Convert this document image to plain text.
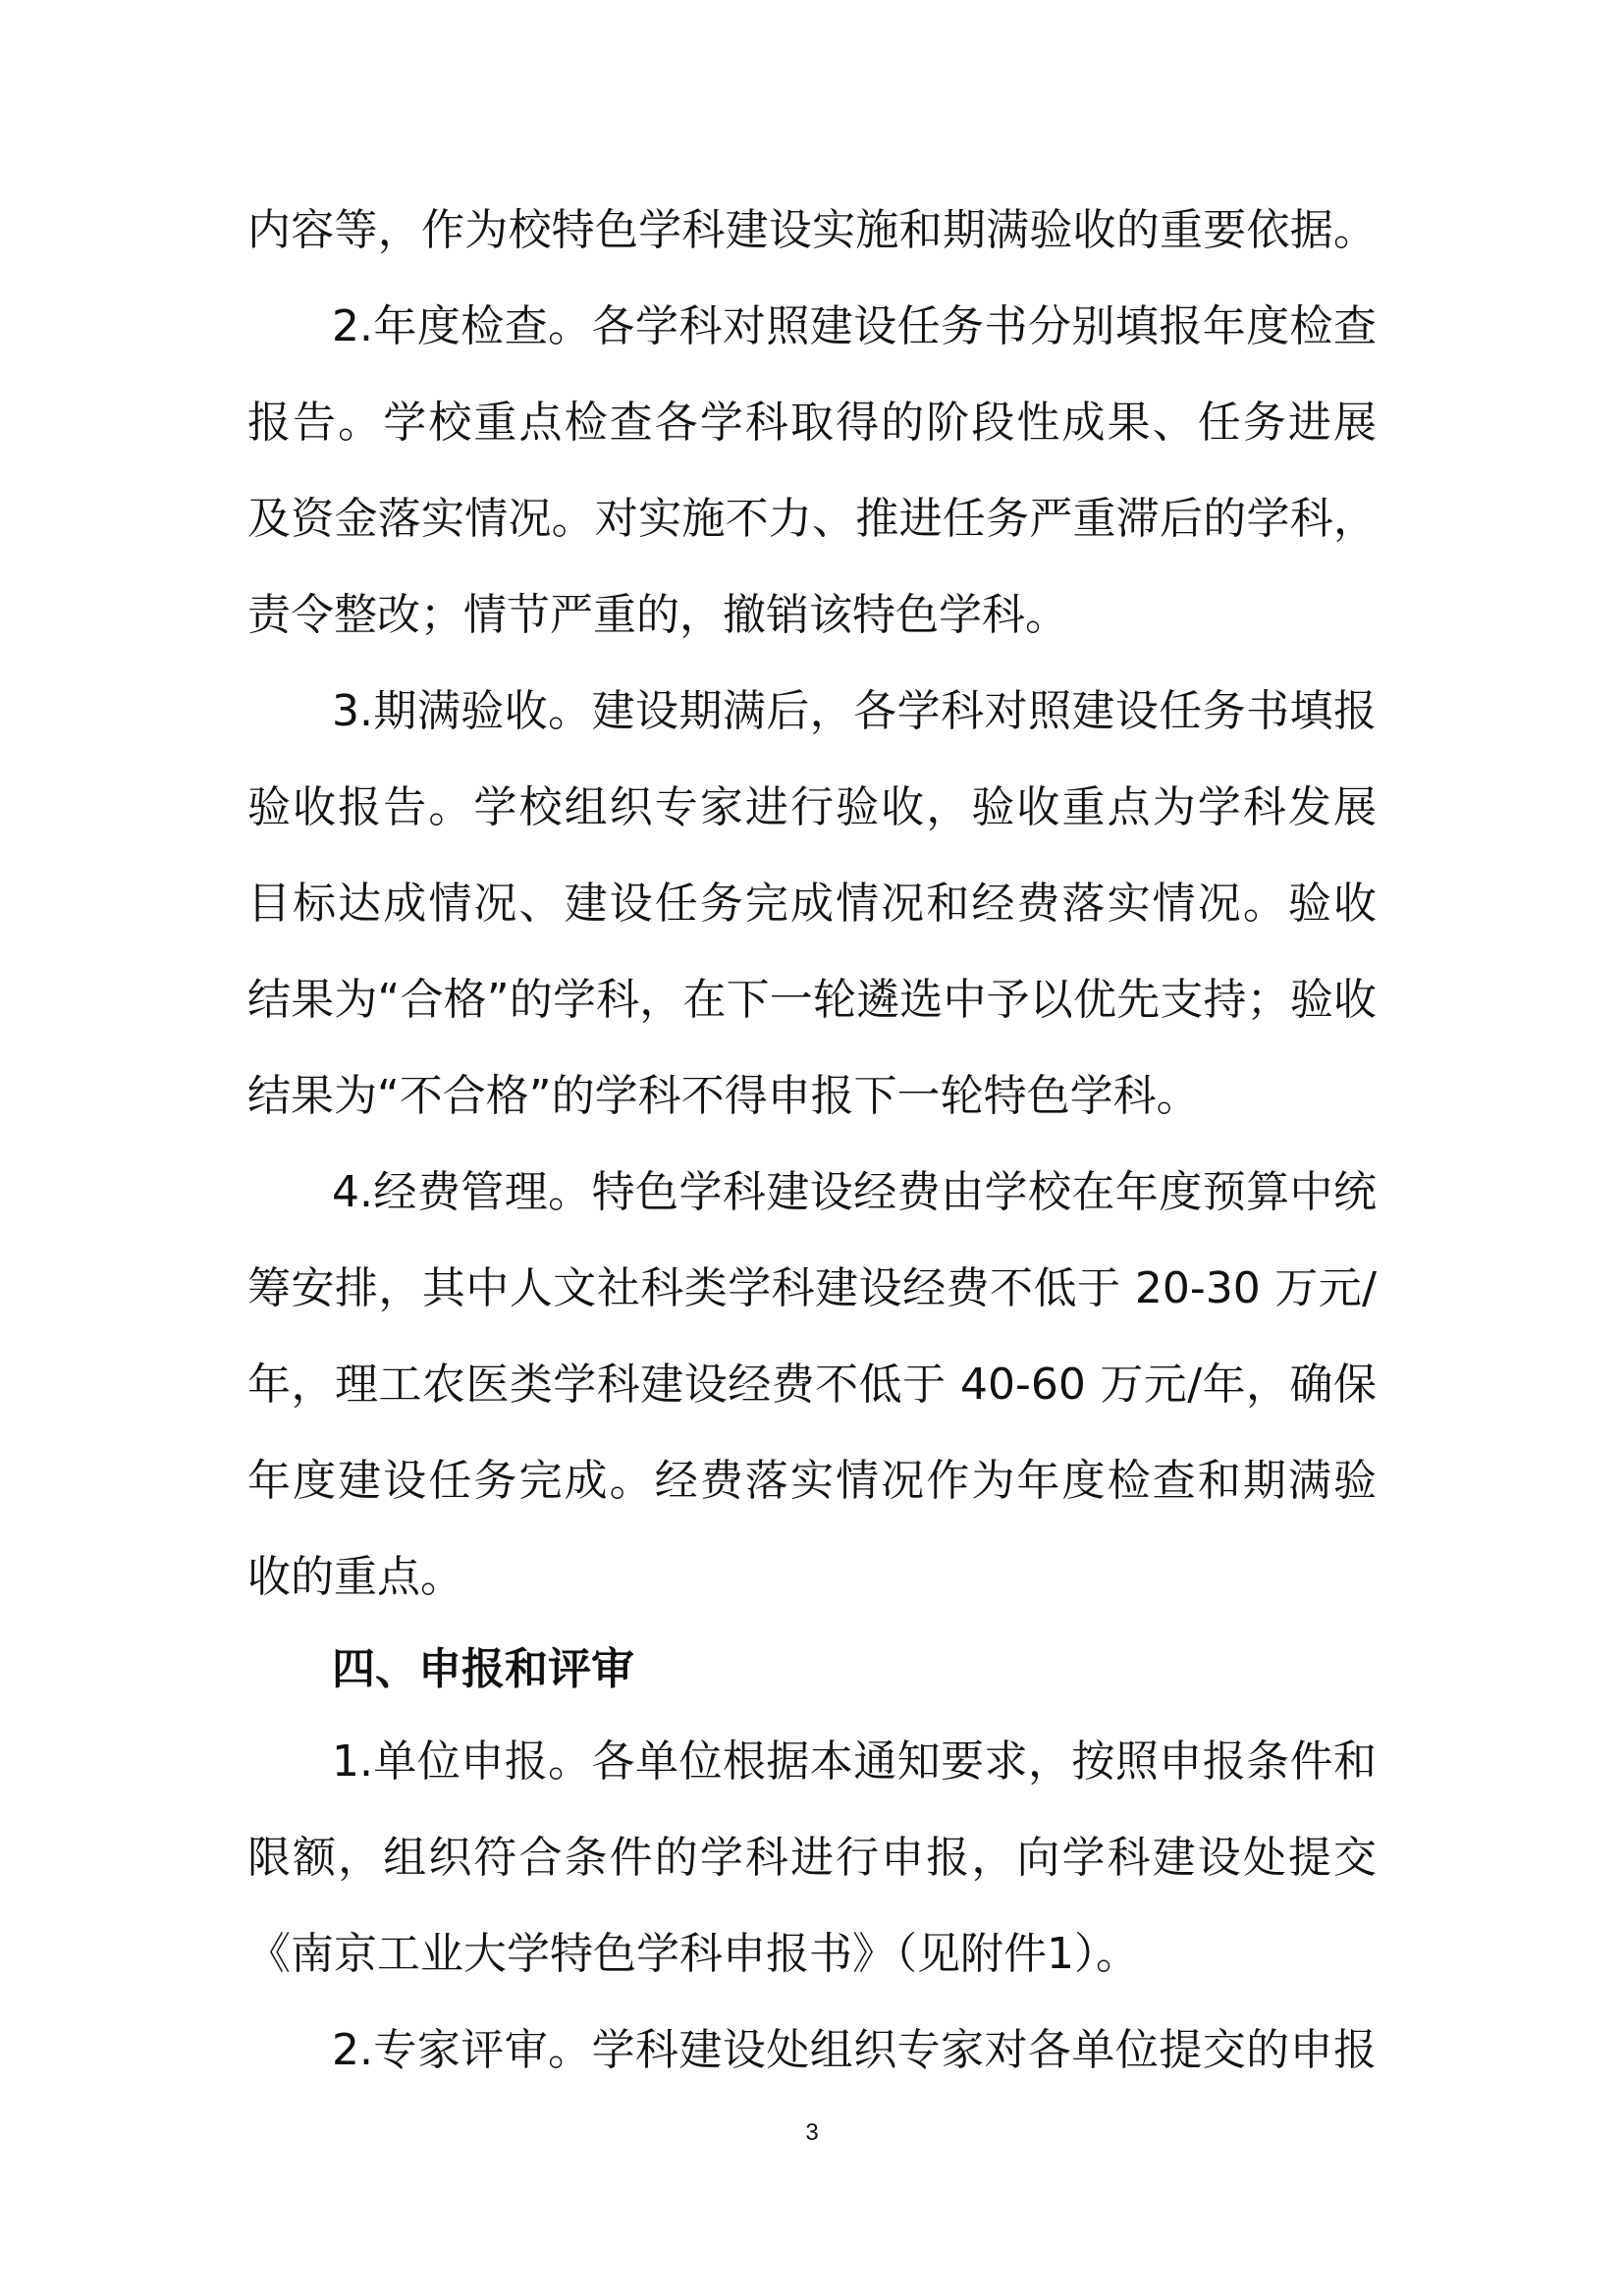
内容等，作为校特色学科建设实施和期满验收的重要依据。
2.年度检查。各学科对照建设任务书分别填报年度检查
报告。学校重点检查各学科取得的阶段性成果、任务进展
及资金落实情况。对实施不力、推进任务严重滞后的学科，
责令整改；情节严重的，撤销该特色学科。
3.期满验收。建设期满后，各学科对照建设任务书填报
验收报告。学校组织专家进行验收，验收重点为学科发展
目标达成情况、建设任务完成情况和经费落实情况。验收
结果为“合格”的学科，在下一轮遴选中予以优先支持；验收
结果为“不合格”的学科不得申报下一轮特色学科。
4.经费管理。特色学科建设经费由学校在年度预算中统
筹安排，其中人文社科类学科建设经费不低于 20-30 万元/
年，理工农医类学科建设经费不低于 40-60 万元/年，确保
年度建设任务完成。经费落实情况作为年度检查和期满验
收的重点。
四、申报和评审
1.单位申报。各单位根据本通知要求，按照申报条件和
限额，组织符合条件的学科进行申报，向学科建设处提交
《南京工业大学特色学科申报书》（见附件1）。
2.专家评审。学科建设处组织专家对各单位提交的申报
3
